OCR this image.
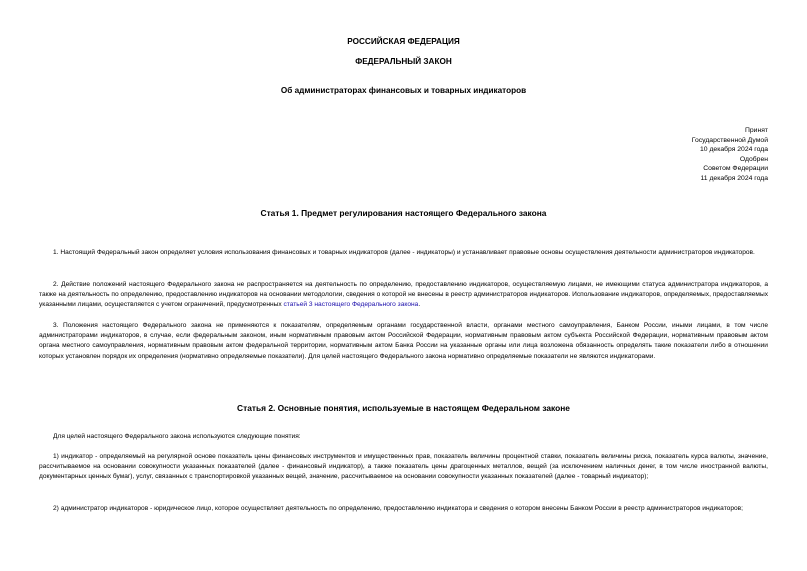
РОССИЙСКАЯ ФЕДЕРАЦИЯ
ФЕДЕРАЛЬНЫЙ ЗАКОН
Об администраторах финансовых и товарных индикаторов
Принят
Государственной Думой
10 декабря 2024 года
Одобрен
Советом Федерации
11 декабря 2024 года
Статья 1. Предмет регулирования настоящего Федерального закона
1. Настоящий Федеральный закон определяет условия использования финансовых и товарных индикаторов (далее - индикаторы) и устанавливает правовые основы осуществления деятельности администраторов индикаторов.
2. Действие положений настоящего Федерального закона не распространяется на деятельность по определению, предоставлению индикаторов, осуществляемую лицами, не имеющими статуса администратора индикаторов, а также на деятельность по определению, предоставлению индикаторов на основании методологии, сведения о которой не внесены в реестр администраторов индикаторов. Использование индикаторов, определяемых, предоставляемых указанными лицами, осуществляется с учетом ограничений, предусмотренных статьей 3 настоящего Федерального закона.
3. Положения настоящего Федерального закона не применяются к показателям, определяемым органами государственной власти, органами местного самоуправления, Банком России, иными лицами, в том числе администраторами индикаторов, в случае, если федеральным законом, иным нормативным правовым актом Российской Федерации, нормативным правовым актом субъекта Российской Федерации, нормативным правовым актом органа местного самоуправления, нормативным правовым актом федеральной территории, нормативным актом Банка России на указанные органы или лица возложена обязанность определять такие показатели либо в отношении которых установлен порядок их определения (нормативно определяемые показатели). Для целей настоящего Федерального закона нормативно определяемые показатели не являются индикаторами.
Статья 2. Основные понятия, используемые в настоящем Федеральном законе
Для целей настоящего Федерального закона используются следующие понятия:
1) индикатор - определяемый на регулярной основе показатель цены финансовых инструментов и имущественных прав, показатель величины процентной ставки, показатель величины риска, показатель курса валюты, значение, рассчитываемое на основании совокупности указанных показателей (далее - финансовый индикатор), а также показатель цены драгоценных металлов, вещей (за исключением наличных денег, в том числе иностранной валюты, документарных ценных бумаг), услуг, связанных с транспортировкой указанных вещей, значение, рассчитываемое на основании совокупности указанных показателей (далее - товарный индикатор);
2) администратор индикаторов - юридическое лицо, которое осуществляет деятельность по определению, предоставлению индикатора и сведения о котором внесены Банком России в реестр администраторов индикаторов;
